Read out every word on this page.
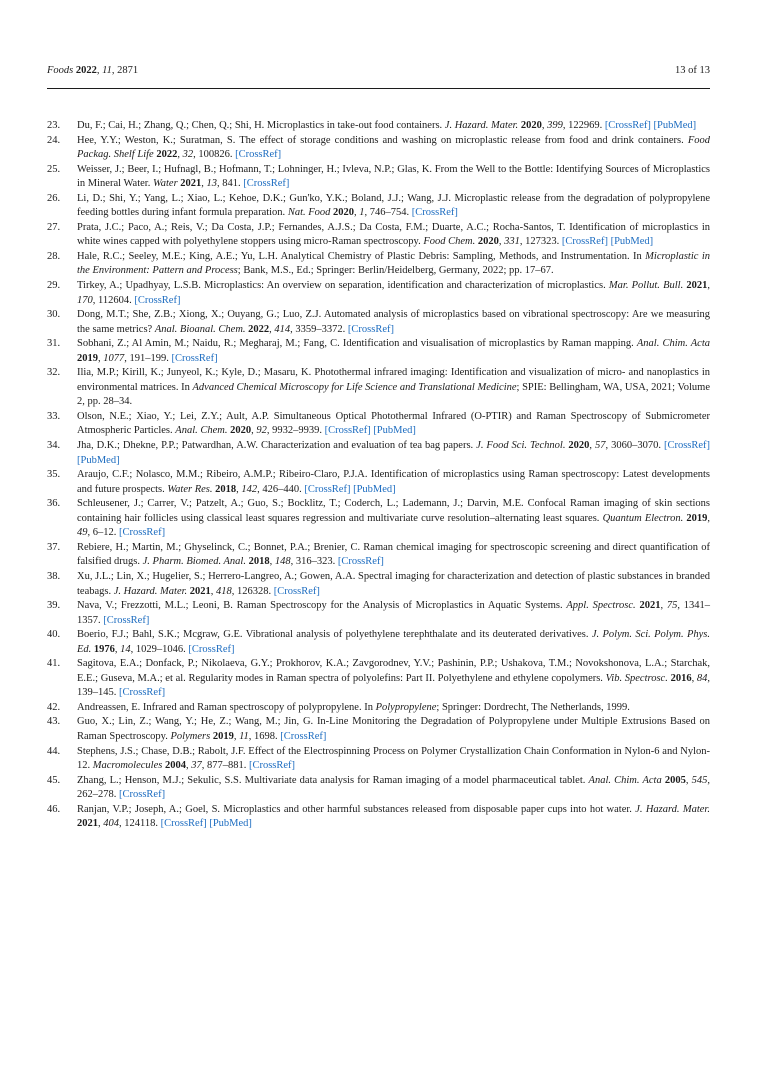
Foods 2022, 11, 2871	13 of 13
23. Du, F.; Cai, H.; Zhang, Q.; Chen, Q.; Shi, H. Microplastics in take-out food containers. J. Hazard. Mater. 2020, 399, 122969. [CrossRef] [PubMed]
24. Hee, Y.Y.; Weston, K.; Suratman, S. The effect of storage conditions and washing on microplastic release from food and drink containers. Food Packag. Shelf Life 2022, 32, 100826. [CrossRef]
25. Weisser, J.; Beer, I.; Hufnagl, B.; Hofmann, T.; Lohninger, H.; Ivleva, N.P.; Glas, K. From the Well to the Bottle: Identifying Sources of Microplastics in Mineral Water. Water 2021, 13, 841. [CrossRef]
26. Li, D.; Shi, Y.; Yang, L.; Xiao, L.; Kehoe, D.K.; Gun'ko, Y.K.; Boland, J.J.; Wang, J.J. Microplastic release from the degradation of polypropylene feeding bottles during infant formula preparation. Nat. Food 2020, 1, 746–754. [CrossRef]
27. Prata, J.C.; Paco, A.; Reis, V.; Da Costa, J.P.; Fernandes, A.J.S.; Da Costa, F.M.; Duarte, A.C.; Rocha-Santos, T. Identification of microplastics in white wines capped with polyethylene stoppers using micro-Raman spectroscopy. Food Chem. 2020, 331, 127323. [CrossRef] [PubMed]
28. Hale, R.C.; Seeley, M.E.; King, A.E.; Yu, L.H. Analytical Chemistry of Plastic Debris: Sampling, Methods, and Instrumentation. In Microplastic in the Environment: Pattern and Process; Bank, M.S., Ed.; Springer: Berlin/Heidelberg, Germany, 2022; pp. 17–67.
29. Tirkey, A.; Upadhyay, L.S.B. Microplastics: An overview on separation, identification and characterization of microplastics. Mar. Pollut. Bull. 2021, 170, 112604. [CrossRef]
30. Dong, M.T.; She, Z.B.; Xiong, X.; Ouyang, G.; Luo, Z.J. Automated analysis of microplastics based on vibrational spectroscopy: Are we measuring the same metrics? Anal. Bioanal. Chem. 2022, 414, 3359–3372. [CrossRef]
31. Sobhani, Z.; Al Amin, M.; Naidu, R.; Megharaj, M.; Fang, C. Identification and visualisation of microplastics by Raman mapping. Anal. Chim. Acta 2019, 1077, 191–199. [CrossRef]
32. Ilia, M.P.; Kirill, K.; Junyeol, K.; Kyle, D.; Masaru, K. Photothermal infrared imaging: Identification and visualization of micro- and nanoplastics in environmental matrices. In Advanced Chemical Microscopy for Life Science and Translational Medicine; SPIE: Bellingham, WA, USA, 2021; Volume 2, pp. 28–34.
33. Olson, N.E.; Xiao, Y.; Lei, Z.Y.; Ault, A.P. Simultaneous Optical Photothermal Infrared (O-PTIR) and Raman Spectroscopy of Submicrometer Atmospheric Particles. Anal. Chem. 2020, 92, 9932–9939. [CrossRef] [PubMed]
34. Jha, D.K.; Dhekne, P.P.; Patwardhan, A.W. Characterization and evaluation of tea bag papers. J. Food Sci. Technol. 2020, 57, 3060–3070. [CrossRef] [PubMed]
35. Araujo, C.F.; Nolasco, M.M.; Ribeiro, A.M.P.; Ribeiro-Claro, P.J.A. Identification of microplastics using Raman spectroscopy: Latest developments and future prospects. Water Res. 2018, 142, 426–440. [CrossRef] [PubMed]
36. Schleusener, J.; Carrer, V.; Patzelt, A.; Guo, S.; Bocklitz, T.; Coderch, L.; Lademann, J.; Darvin, M.E. Confocal Raman imaging of skin sections containing hair follicles using classical least squares regression and multivariate curve resolution–alternating least squares. Quantum Electron. 2019, 49, 6–12. [CrossRef]
37. Rebiere, H.; Martin, M.; Ghyselinck, C.; Bonnet, P.A.; Brenier, C. Raman chemical imaging for spectroscopic screening and direct quantification of falsified drugs. J. Pharm. Biomed. Anal. 2018, 148, 316–323. [CrossRef]
38. Xu, J.L.; Lin, X.; Hugelier, S.; Herrero-Langreo, A.; Gowen, A.A. Spectral imaging for characterization and detection of plastic substances in branded teabags. J. Hazard. Mater. 2021, 418, 126328. [CrossRef]
39. Nava, V.; Frezzotti, M.L.; Leoni, B. Raman Spectroscopy for the Analysis of Microplastics in Aquatic Systems. Appl. Spectrosc. 2021, 75, 1341–1357. [CrossRef]
40. Boerio, F.J.; Bahl, S.K.; Mcgraw, G.E. Vibrational analysis of polyethylene terephthalate and its deuterated derivatives. J. Polym. Sci. Polym. Phys. Ed. 1976, 14, 1029–1046. [CrossRef]
41. Sagitova, E.A.; Donfack, P.; Nikolaeva, G.Y.; Prokhorov, K.A.; Zavgorodnev, Y.V.; Pashinin, P.P.; Ushakova, T.M.; Novokshonova, L.A.; Starchak, E.E.; Guseva, M.A.; et al. Regularity modes in Raman spectra of polyolefins: Part II. Polyethylene and ethylene copolymers. Vib. Spectrosc. 2016, 84, 139–145. [CrossRef]
42. Andreassen, E. Infrared and Raman spectroscopy of polypropylene. In Polypropylene; Springer: Dordrecht, The Netherlands, 1999.
43. Guo, X.; Lin, Z.; Wang, Y.; He, Z.; Wang, M.; Jin, G. In-Line Monitoring the Degradation of Polypropylene under Multiple Extrusions Based on Raman Spectroscopy. Polymers 2019, 11, 1698. [CrossRef]
44. Stephens, J.S.; Chase, D.B.; Rabolt, J.F. Effect of the Electrospinning Process on Polymer Crystallization Chain Conformation in Nylon-6 and Nylon-12. Macromolecules 2004, 37, 877–881. [CrossRef]
45. Zhang, L.; Henson, M.J.; Sekulic, S.S. Multivariate data analysis for Raman imaging of a model pharmaceutical tablet. Anal. Chim. Acta 2005, 545, 262–278. [CrossRef]
46. Ranjan, V.P.; Joseph, A.; Goel, S. Microplastics and other harmful substances released from disposable paper cups into hot water. J. Hazard. Mater. 2021, 404, 124118. [CrossRef] [PubMed]
